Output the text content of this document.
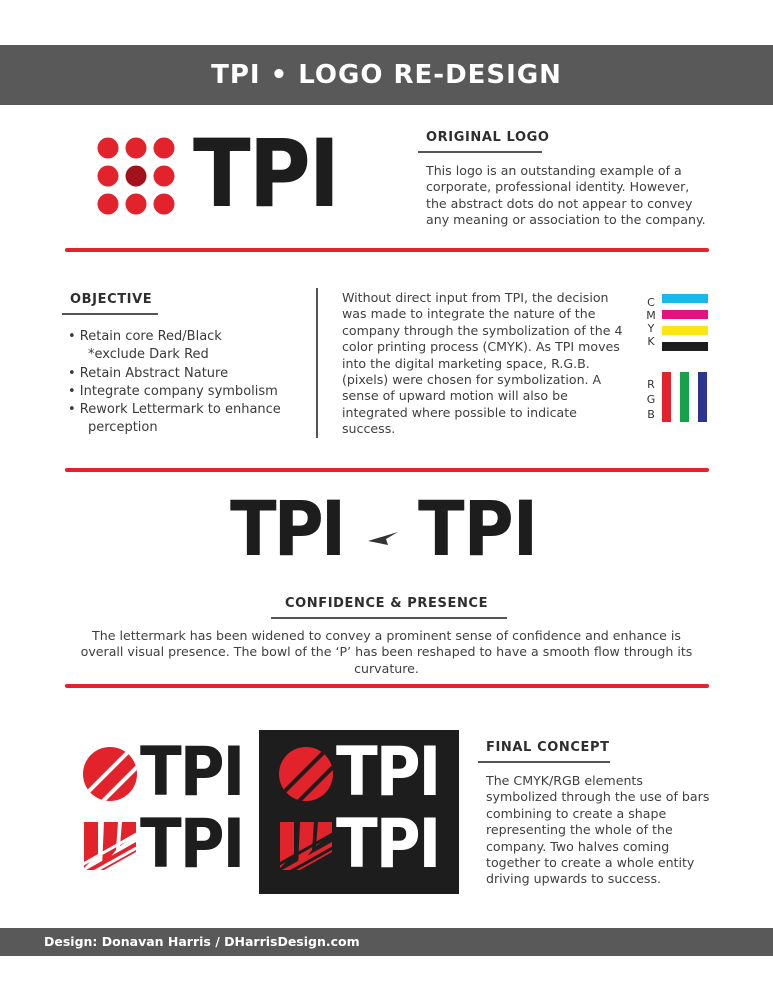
TPI • LOGO RE-DESIGN
TPI	ORIGINAL LOGO
This logo is an outstanding example of a corporate, professional identity. However, the abstract dots do not appear to convey any meaning or association to the company.
OBJECTIVE
• Retain core Red/Black
*exclude Dark Red
• Retain Abstract Nature
• Integrate company symbolism
• Rework Lettermark to enhance
perception
Without direct input from TPI, the decision was made to integrate the nature of the company through the symbolization of the 4 color printing process (CMYK). As TPI moves into the digital marketing space, R.G.B. (pixels) were chosen for symbolization. A sense of upward motion will also be integrated where possible to indicate success.
C
M
Y
K
R
G
B
TPI TPI
CONFIDENCE & PRESENCE
The lettermark has been widened to convey a prominent sense of confidence and enhance is overall visual presence. The bowl of the ‘P’ has been reshaped to have a smooth flow through its curvature.
TPI
TPI
TPI
TPI
FINAL CONCEPT
The CMYK/RGB elements symbolized through the use of bars combining to create a shape representing the whole of the company. Two halves coming together to create a whole entity driving upwards to success.
Design: Donavan Harris / DHarrisDesign.com
